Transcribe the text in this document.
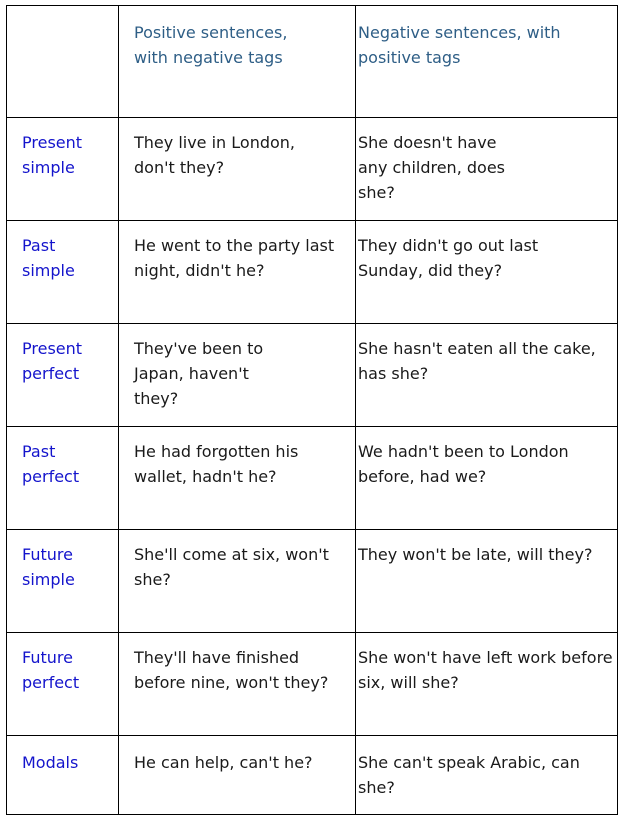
	Positive sentences, with negative tags	Negative sentences, with positive tags

Present simple	They live in London, don't they?	She doesn't have any children, does she?

Past simple	He went to the party last night, didn't he?	They didn't go out last Sunday, did they?

Present perfect	They've been to Japan, haven't they?	She hasn't eaten all the cake, has she?

Past perfect	He had forgotten his wallet, hadn't he?	We hadn't been to London before, had we?

Future simple	She'll come at six, won't she?	They won't be late, will they?

Future perfect	They'll have finished before nine, won't they?	She won't have left work before six, will she?

Modals	He can help, can't he?	She can't speak Arabic, can she?
